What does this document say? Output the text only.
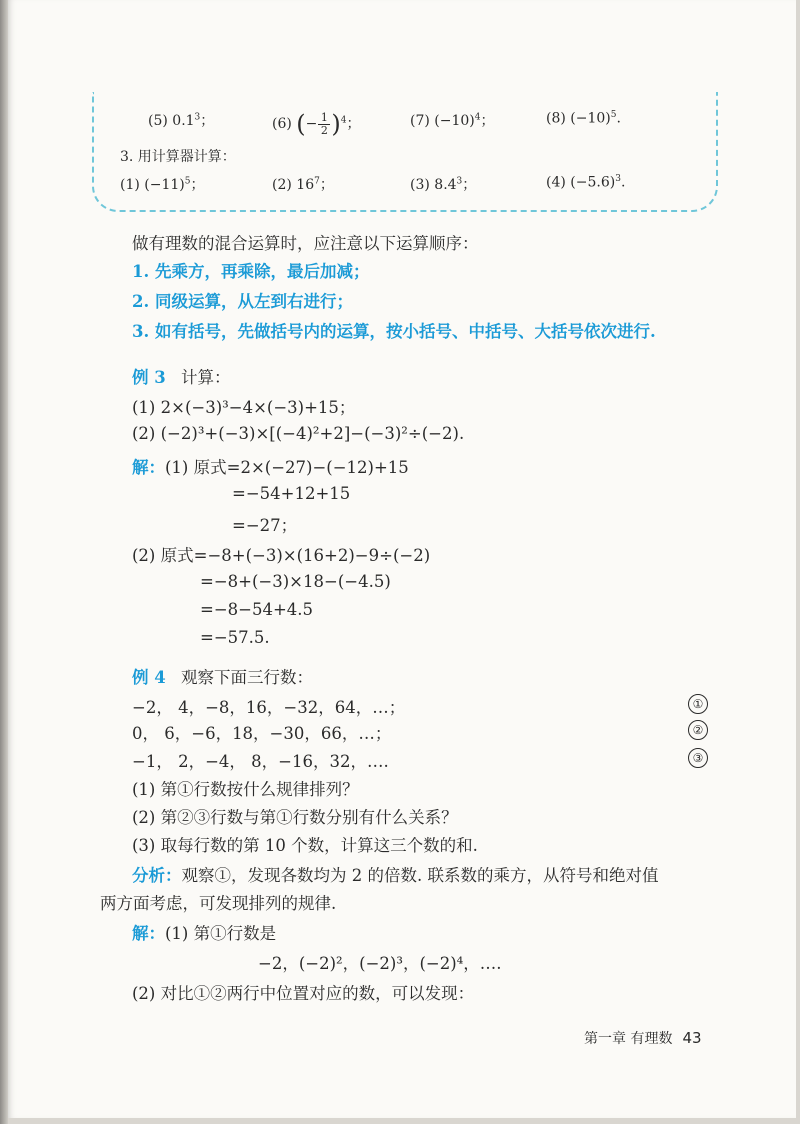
(5) $0.1^3$；	(6) (− $\frac{1}{2} )^4$；	(7) $(-10)^4$；	(8) $(-10)^5$.
3. 用计算器计算：
(1) $(-11)^5$；	(2) $16^7$；	(3) $8.4^3$；	(4) $(-5.6)^3$.
做有理数的混合运算时，应注意以下运算顺序：
1. 先乘方，再乘除，最后加减；
2. 同级运算，从左到右进行；
3. 如有括号，先做括号内的运算，按小括号、中括号、大括号依次进行.
例 3 计算：
(1) 2×(−3)³−4×(−3)+15；
(2) (−2)³+(−3)×[(−4)²+2]−(−3)²÷(−2).
解：(1) 原式=2×(−27)−(−12)+15
=−54+12+15
=−27；
(2) 原式=−8+(−3)×(16+2)−9÷(−2)
=−8+(−3)×18−(−4.5)
=−8−54+4.5
=−57.5.
例 4 观察下面三行数：
−2， 4，−8，16，−32，64，…；	①
0， 6，−6，18，−30，66，…；	②
−1， 2，−4， 8，−16，32，….	③
(1) 第①行数按什么规律排列？
(2) 第②③行数与第①行数分别有什么关系？
(3) 取每行数的第 10 个数，计算这三个数的和.
分析：观察①，发现各数均为 2 的倍数. 联系数的乘方，从符号和绝对值
两方面考虑，可发现排列的规律.
解：(1) 第①行数是
−2，(−2)²，(−2)³，(−2)⁴，….
(2) 对比①②两行中位置对应的数，可以发现：
第一章 有理数 43
